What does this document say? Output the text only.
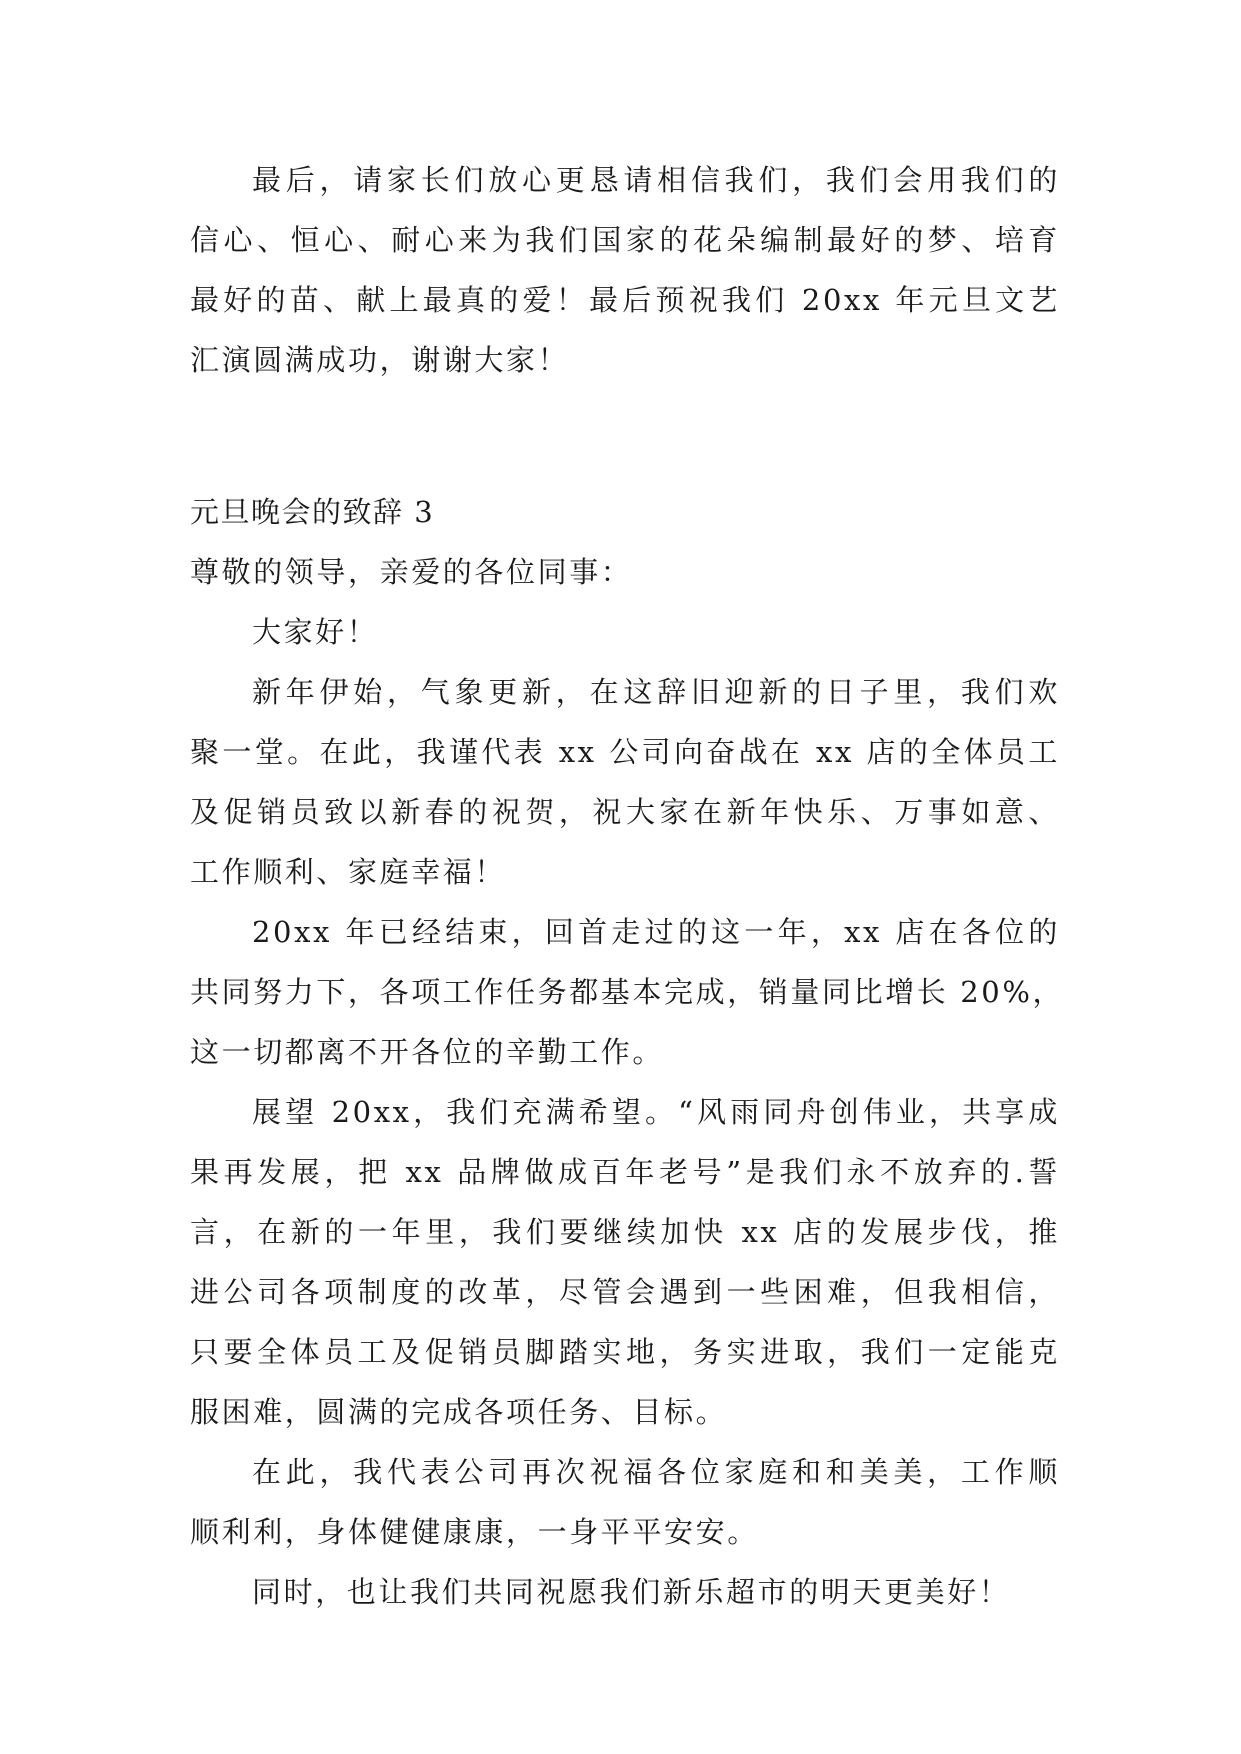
最后，请家长们放心更恳请相信我们，我们会用我们的
信心、恒心、耐心来为我们国家的花朵编制最好的梦、培育
最好的苗、献上最真的爱！最后预祝我们 20xx 年元旦文艺
汇演圆满成功，谢谢大家！
元旦晚会的致辞 3
尊敬的领导，亲爱的各位同事：
大家好！
新年伊始，气象更新，在这辞旧迎新的日子里，我们欢
聚一堂。在此，我谨代表 xx 公司向奋战在 xx 店的全体员工
及促销员致以新春的祝贺，祝大家在新年快乐、万事如意、
工作顺利、家庭幸福！
20xx 年已经结束，回首走过的这一年，xx 店在各位的
共同努力下，各项工作任务都基本完成，销量同比增长 20%，
这一切都离不开各位的辛勤工作。
展望 20xx，我们充满希望。“风雨同舟创伟业，共享成
果再发展，把 xx 品牌做成百年老号”是我们永不放弃的.誓
言，在新的一年里，我们要继续加快 xx 店的发展步伐，推
进公司各项制度的改革，尽管会遇到一些困难，但我相信，
只要全体员工及促销员脚踏实地，务实进取，我们一定能克
服困难，圆满的完成各项任务、目标。
在此，我代表公司再次祝福各位家庭和和美美，工作顺
顺利利，身体健健康康，一身平平安安。
同时，也让我们共同祝愿我们新乐超市的明天更美好！
